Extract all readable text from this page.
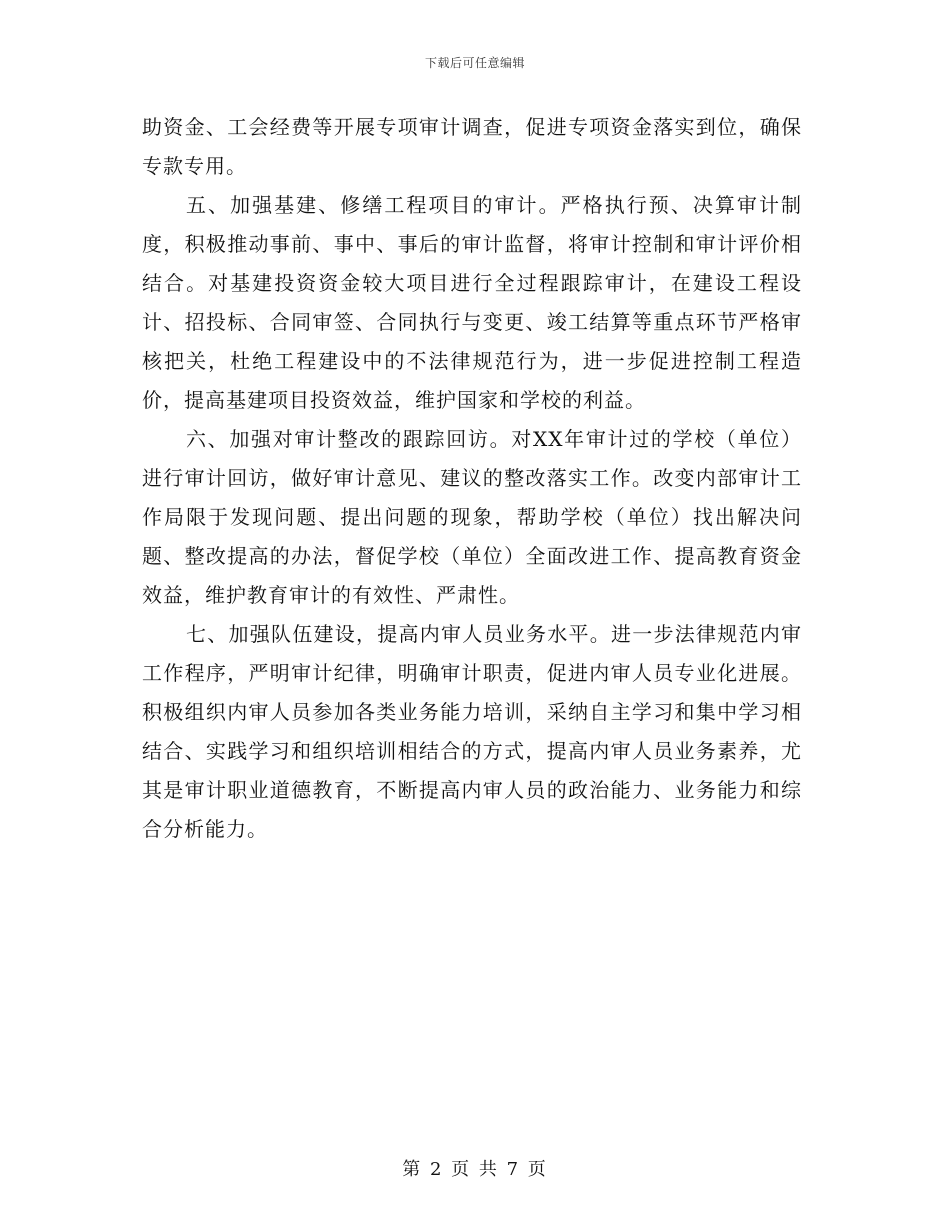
下载后可任意编辑

助资金、工会经费等开展专项审计调查，促进专项资金落实到位，确保专款专用。

五、加强基建、修缮工程项目的审计。严格执行预、决算审计制度，积极推动事前、事中、事后的审计监督，将审计控制和审计评价相结合。对基建投资资金较大项目进行全过程跟踪审计，在建设工程设计、招投标、合同审签、合同执行与变更、竣工结算等重点环节严格审核把关，杜绝工程建设中的不法律规范行为，进一步促进控制工程造价，提高基建项目投资效益，维护国家和学校的利益。

六、加强对审计整改的跟踪回访。对XX年审计过的学校（单位）进行审计回访，做好审计意见、建议的整改落实工作。改变内部审计工作局限于发现问题、提出问题的现象，帮助学校（单位）找出解决问题、整改提高的办法，督促学校（单位）全面改进工作、提高教育资金效益，维护教育审计的有效性、严肃性。

七、加强队伍建设，提高内审人员业务水平。进一步法律规范内审工作程序，严明审计纪律，明确审计职责，促进内审人员专业化进展。积极组织内审人员参加各类业务能力培训，采纳自主学习和集中学习相结合、实践学习和组织培训相结合的方式，提高内审人员业务素养，尤其是审计职业道德教育，不断提高内审人员的政治能力、业务能力和综合分析能力。

第 2 页 共 7 页
